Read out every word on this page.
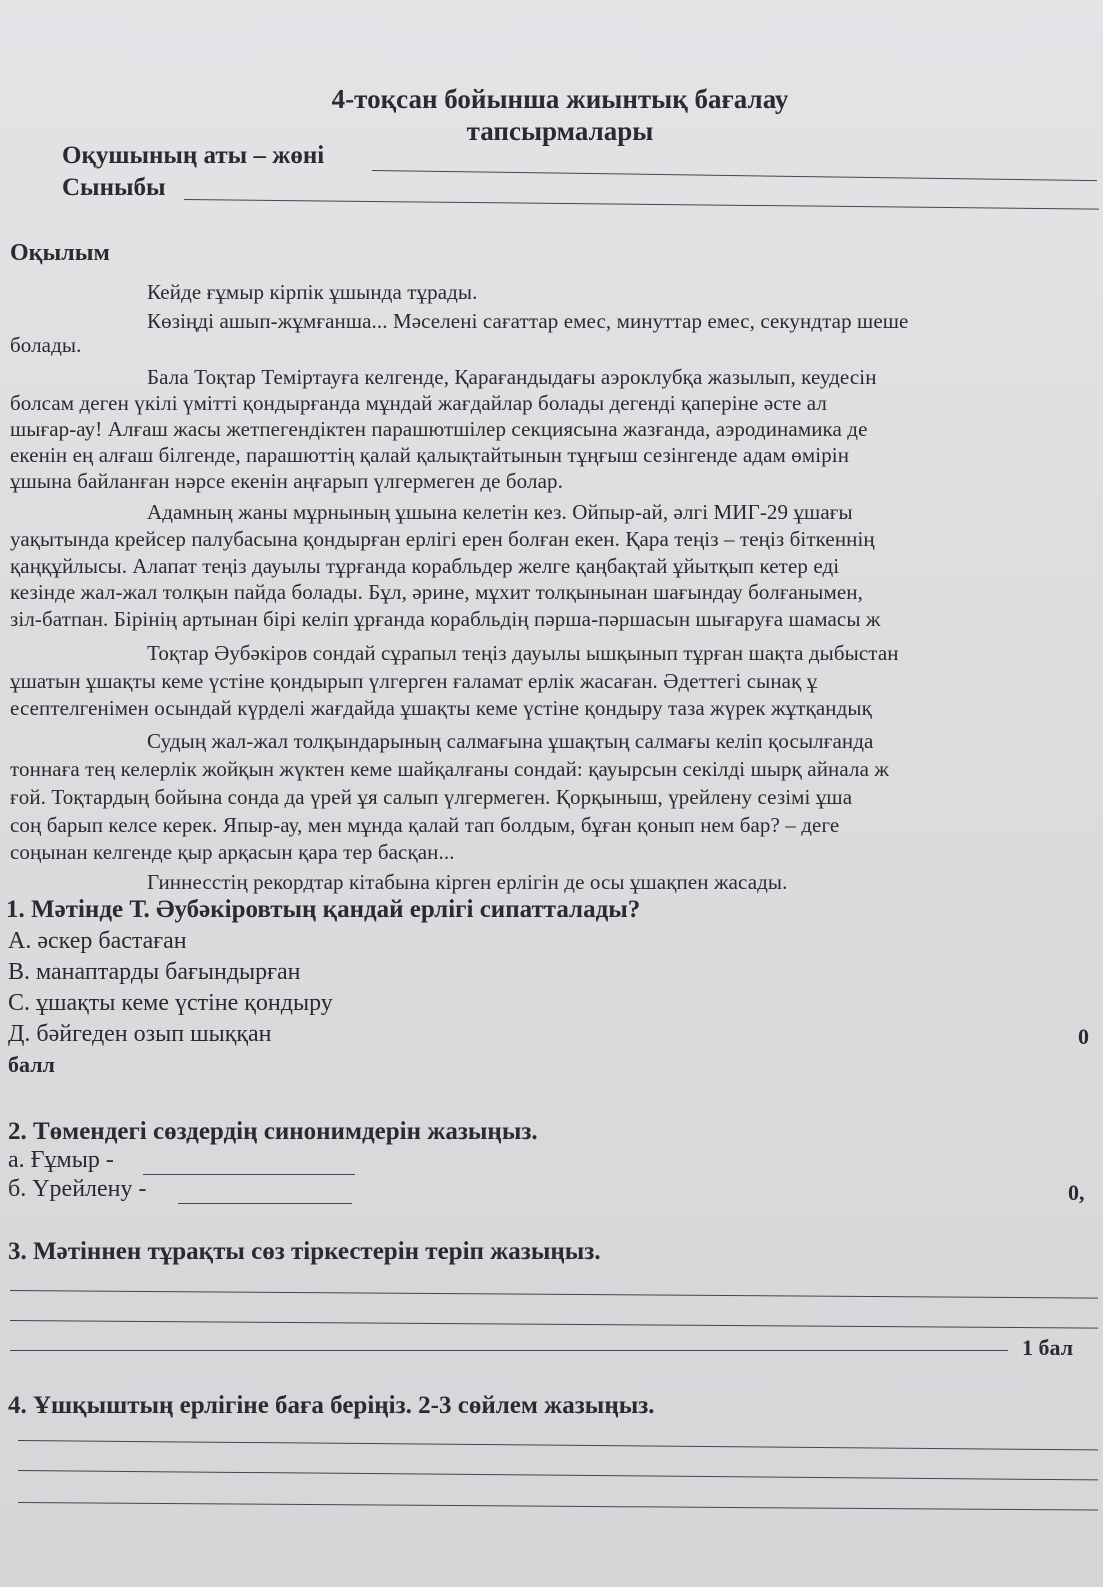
4-тоқсан бойынша жиынтық бағалау
тапсырмалары
Оқушының аты – жөні
Сыныбы
Оқылым
Кейде ғұмыр кірпік ұшында тұрады.
Көзіңді ашып-жұмғанша... Мәселені сағаттар емес, минуттар емес, секундтар шеше
болады.
Бала Toқтар Теміртауға келгенде, Қарағандыдағы аэроклубқа жазылып, кеудесін
болсам деген үкілі үмітті қондырғанда мұндай жағдайлар болады дегенді қаперіне әсте ал
шығар-ау! Алғаш жасы жетпегендіктен парашютшілер секциясына жазғанда, аэродинамика де
екенін ең алғаш білгенде, парашюттің қалай қалықтайтынын тұңғыш сезінгенде адам өмірін
ұшына байланған нәрсе екенін аңғарып үлгермеген де болар.
Адамның жаны мұрнының ұшына келетін кез. Ойпыр-ай, әлгі МИГ-29 ұшағы
уақытында крейсер палубасына қондырған ерлігі ерен болған екен. Қара теңіз – теңіз біткеннің
қаңқұйлысы. Алапат теңіз дауылы тұрғанда корабльдер желге қаңбақтай ұйытқып кетер еді
кезінде жал-жал толқын пайда болады. Бұл, әрине, мұхит толқынынан шағындау болғанымен,
зіл-батпан. Бірінің артынан бірі келіп ұрғанда корабльдің пәрша-пәршасын шығаруға шамасы ж
Тоқтар Әубәкіров сондай сұрапыл теңіз дауылы ышқынып тұрған шақта дыбыстан
ұшатын ұшақты кеме үстіне қондырып үлгерген ғаламат ерлік жасаған. Әдеттегі сынақ ұ
есептелгенімен осындай күрделі жағдайда ұшақты кеме үстіне қондыру таза жүрек жұтқандық
Судың жал-жал толқындарының салмағына ұшақтың салмағы келіп қосылғанда
тоннаға тең келерлік жойқын жүктен кеме шайқалғаны сондай: қауырсын секілді шырқ айнала ж
ғой. Тоқтардың бойына сонда да үрей ұя салып үлгермеген. Қорқыныш, үрейлену сезімі ұша
соң барып келсе керек. Япыр-ау, мен мұнда қалай тап болдым, бұған қонып нем бар? – деге
соңынан келгенде қыр арқасын қара тер басқан...
Гиннесстің рекордтар кітабына кірген ерлігін де осы ұшақпен жасады.
1. Мәтінде Т. Әубәкіровтың қандай ерлігі сипатталады?
А. әскер бастаған
В. манаптарды бағындырған
С. ұшақты кеме үстіне қондыру
Д. бәйгеден озып шыққан	0
балл
2. Төмендегі сөздердің синонимдерін жазыңыз.
а. Ғұмыр -
б. Үрейлену -	0,
3. Мәтіннен тұрақты сөз тіркестерін теріп жазыңыз.
1 бал
4. Ұшқыштың ерлігіне баға беріңіз. 2-3 сөйлем жазыңыз.
